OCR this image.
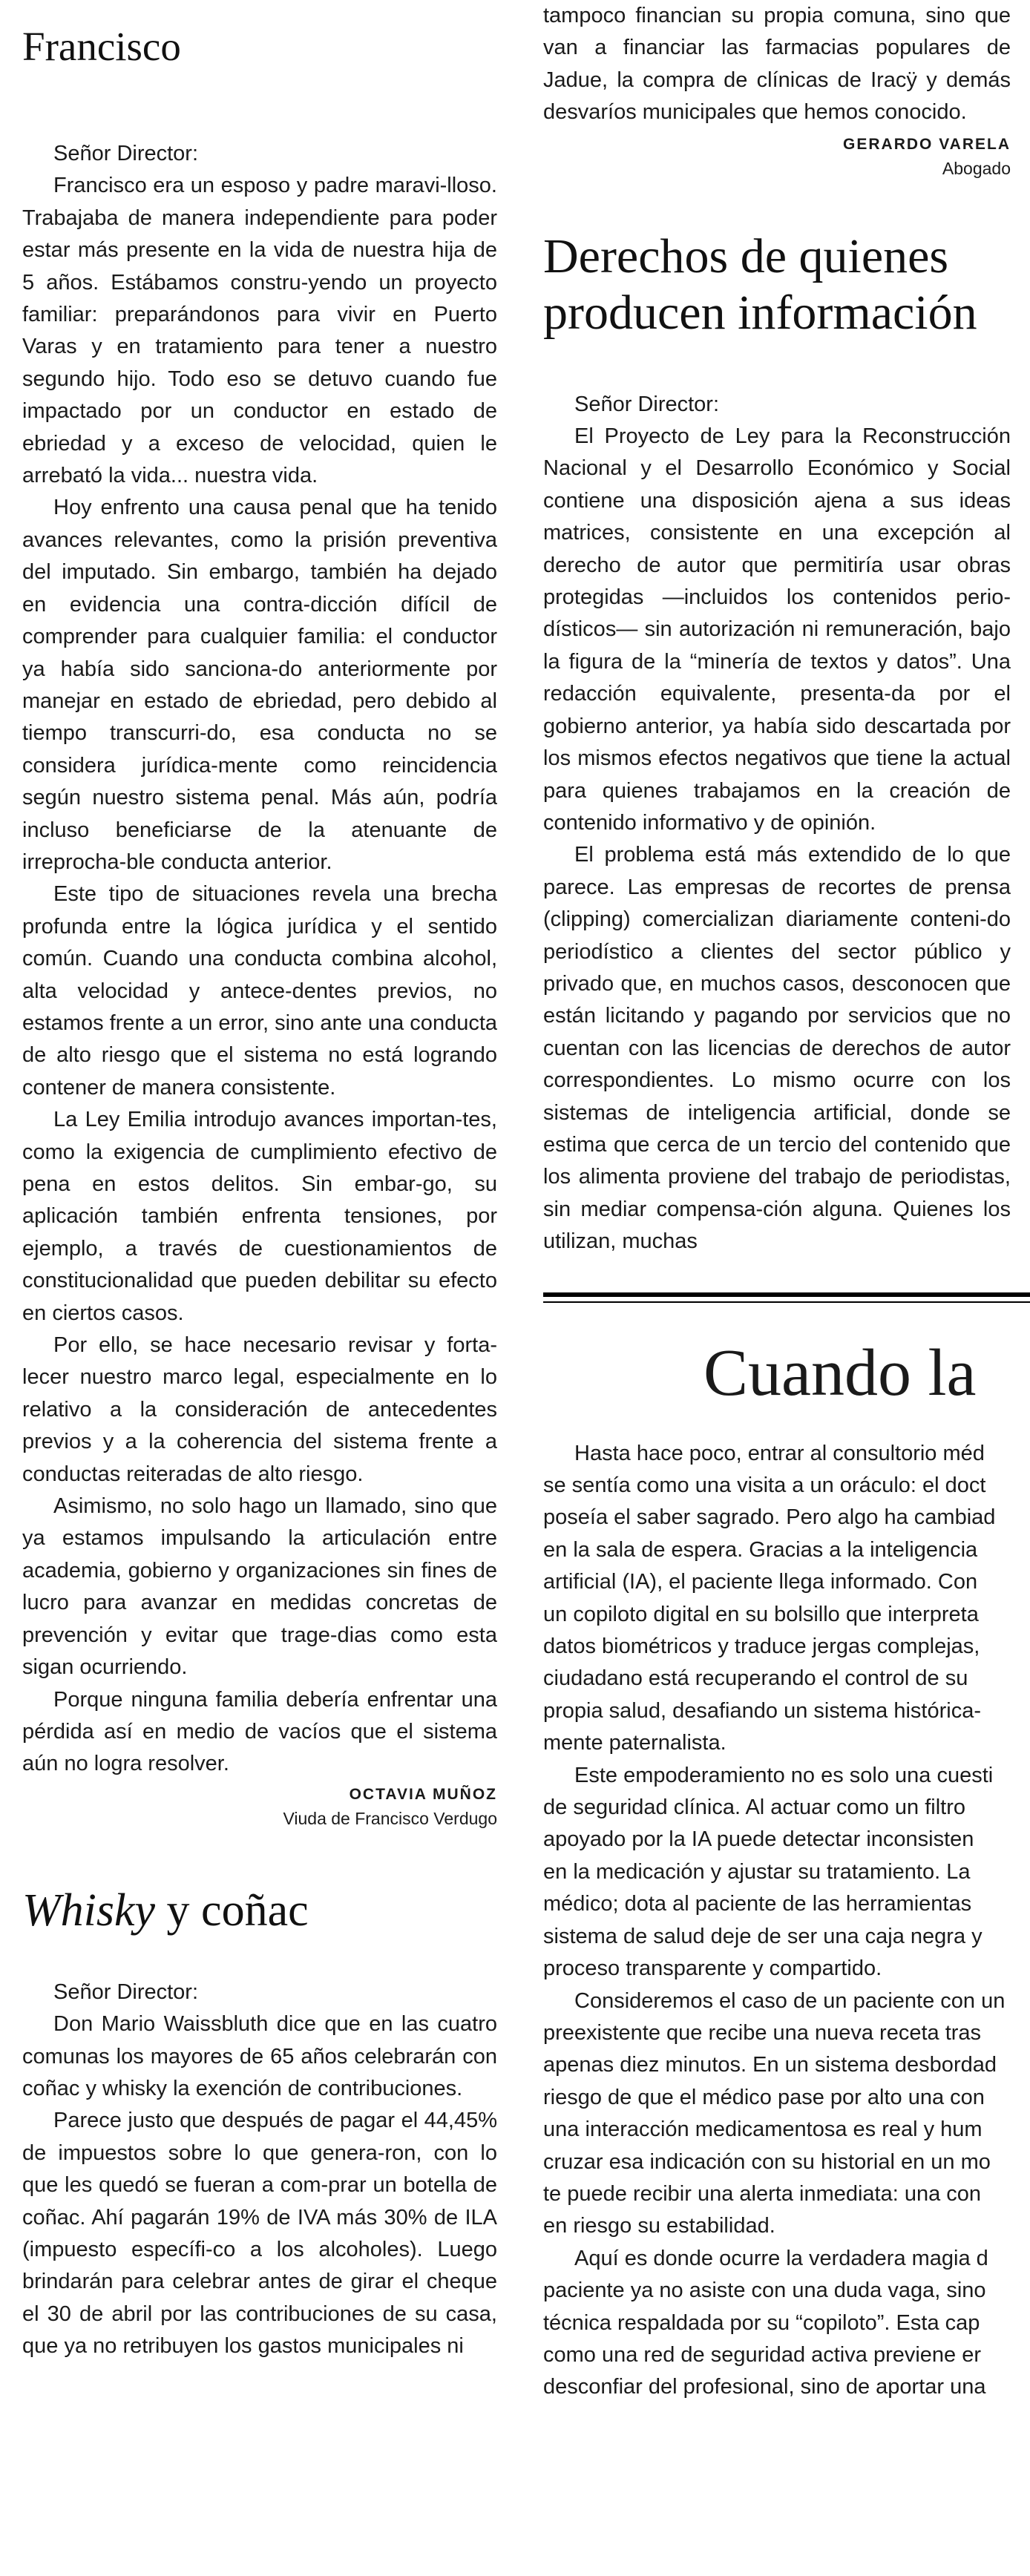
Francisco

Señor Director:

Francisco era un esposo y padre maravi-lloso. Trabajaba de manera independiente para poder estar más presente en la vida de nuestra hija de 5 años. Estábamos constru-yendo un proyecto familiar: preparándonos para vivir en Puerto Varas y en tratamiento para tener a nuestro segundo hijo. Todo eso se detuvo cuando fue impactado por un conductor en estado de ebriedad y a exceso de velocidad, quien le arrebató la vida... nuestra vida.

Hoy enfrento una causa penal que ha tenido avances relevantes, como la prisión preventiva del imputado. Sin embargo, también ha dejado en evidencia una contra-dicción difícil de comprender para cualquier familia: el conductor ya había sido sanciona-do anteriormente por manejar en estado de ebriedad, pero debido al tiempo transcurri-do, esa conducta no se considera jurídica-mente como reincidencia según nuestro sistema penal. Más aún, podría incluso beneficiarse de la atenuante de irreprocha-ble conducta anterior.

Este tipo de situaciones revela una brecha profunda entre la lógica jurídica y el sentido común. Cuando una conducta combina alcohol, alta velocidad y antece-dentes previos, no estamos frente a un error, sino ante una conducta de alto riesgo que el sistema no está logrando contener de manera consistente.

La Ley Emilia introdujo avances importan-tes, como la exigencia de cumplimiento efectivo de pena en estos delitos. Sin embar-go, su aplicación también enfrenta tensiones, por ejemplo, a través de cuestionamientos de constitucionalidad que pueden debilitar su efecto en ciertos casos.

Por ello, se hace necesario revisar y forta-lecer nuestro marco legal, especialmente en lo relativo a la consideración de antecedentes previos y a la coherencia del sistema frente a conductas reiteradas de alto riesgo.

Asimismo, no solo hago un llamado, sino que ya estamos impulsando la articulación entre academia, gobierno y organizaciones sin fines de lucro para avanzar en medidas concretas de prevención y evitar que trage-dias como esta sigan ocurriendo.

Porque ninguna familia debería enfrentar una pérdida así en medio de vacíos que el sistema aún no logra resolver.

OCTAVIA MUÑOZ

Viuda de Francisco Verdugo

Whisky y coñac

Señor Director:

Don Mario Waissbluth dice que en las cuatro comunas los mayores de 65 años celebrarán con coñac y whisky la exención de contribuciones.

Parece justo que después de pagar el 44,45% de impuestos sobre lo que genera-ron, con lo que les quedó se fueran a com-prar un botella de coñac. Ahí pagarán 19% de IVA más 30% de ILA (impuesto específi-co a los alcoholes). Luego brindarán para celebrar antes de girar el cheque el 30 de abril por las contribuciones de su casa, que ya no retribuyen los gastos municipales ni

tampoco financian su propia comuna, sino que van a financiar las farmacias populares de Jadue, la compra de clínicas de Iracÿ y demás desvaríos municipales que hemos conocido.

GERARDO VARELA

Abogado

Derechos de quienes
producen información

Señor Director:

El Proyecto de Ley para la Reconstrucción Nacional y el Desarrollo Económico y Social contiene una disposición ajena a sus ideas matrices, consistente en una excepción al derecho de autor que permitiría usar obras protegidas —incluidos los contenidos perio-dísticos— sin autorización ni remuneración, bajo la figura de la “minería de textos y datos”. Una redacción equivalente, presenta-da por el gobierno anterior, ya había sido descartada por los mismos efectos negativos que tiene la actual para quienes trabajamos en la creación de contenido informativo y de opinión.

El problema está más extendido de lo que parece. Las empresas de recortes de prensa (clipping) comercializan diariamente conteni-do periodístico a clientes del sector público y privado que, en muchos casos, desconocen que están licitando y pagando por servicios que no cuentan con las licencias de derechos de autor correspondientes. Lo mismo ocurre con los sistemas de inteligencia artificial, donde se estima que cerca de un tercio del contenido que los alimenta proviene del trabajo de periodistas, sin mediar compensa-ción alguna. Quienes los utilizan, muchas

Cuando la

Hasta hace poco, entrar al consultorio méd

se sentía como una visita a un oráculo: el doct

poseía el saber sagrado. Pero algo ha cambiad

en la sala de espera. Gracias a la inteligencia

artificial (IA), el paciente llega informado. Con

un copiloto digital en su bolsillo que interpreta

datos biométricos y traduce jergas complejas,

ciudadano está recuperando el control de su

propia salud, desafiando un sistema histórica-

mente paternalista.

Este empoderamiento no es solo una cuesti

de seguridad clínica. Al actuar como un filtro

apoyado por la IA puede detectar inconsisten

en la medicación y ajustar su tratamiento. La

médico; dota al paciente de las herramientas

sistema de salud deje de ser una caja negra y

proceso transparente y compartido.

Consideremos el caso de un paciente con un

preexistente que recibe una nueva receta tras

apenas diez minutos. En un sistema desbordad

riesgo de que el médico pase por alto una con

una interacción medicamentosa es real y hum

cruzar esa indicación con su historial en un mo

te puede recibir una alerta inmediata: una con

en riesgo su estabilidad.

Aquí es donde ocurre la verdadera magia d

paciente ya no asiste con una duda vaga, sino

técnica respaldada por su “copiloto”. Esta cap

como una red de seguridad activa previene er

desconfiar del profesional, sino de aportar una
